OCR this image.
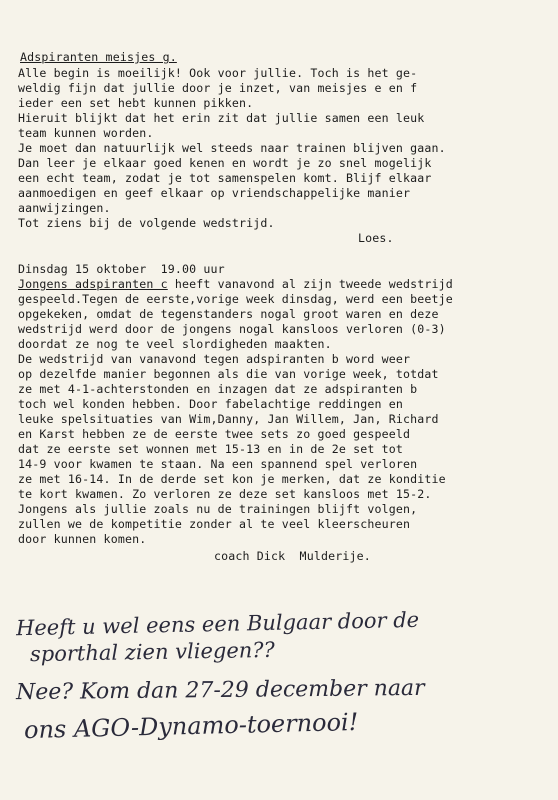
Adspiranten meisjes g.
Alle begin is moeilijk! Ook voor jullie. Toch is het ge-
weldig fijn dat jullie door je inzet, van meisjes e en f
ieder een set hebt kunnen pikken.
Hieruit blijkt dat het erin zit dat jullie samen een leuk
team kunnen worden.
Je moet dan natuurlijk wel steeds naar trainen blijven gaan.
Dan leer je elkaar goed kenen en wordt je zo snel mogelijk
een echt team, zodat je tot samenspelen komt. Blijf elkaar
aanmoedigen en geef elkaar op vriendschappelijke manier
aanwijzingen.
Tot ziens bij de volgende wedstrijd.
Loes.
Dinsdag 15 oktober  19.00 uur
Jongens adspiranten c heeft vanavond al zijn tweede wedstrijd
gespeeld.Tegen de eerste,vorige week dinsdag, werd een beetje
opgekeken, omdat de tegenstanders nogal groot waren en deze
wedstrijd werd door de jongens nogal kansloos verloren (0-3)
doordat ze nog te veel slordigheden maakten.
De wedstrijd van vanavond tegen adspiranten b word weer
op dezelfde manier begonnen als die van vorige week, totdat
ze met 4-1-achterstonden en inzagen dat ze adspiranten b
toch wel konden hebben. Door fabelachtige reddingen en
leuke spelsituaties van Wim,Danny, Jan Willem, Jan, Richard
en Karst hebben ze de eerste twee sets zo goed gespeeld
dat ze eerste set wonnen met 15-13 en in de 2e set tot
14-9 voor kwamen te staan. Na een spannend spel verloren
ze met 16-14. In de derde set kon je merken, dat ze konditie
te kort kwamen. Zo verloren ze deze set kansloos met 15-2.
Jongens als jullie zoals nu de trainingen blijft volgen,
zullen we de kompetitie zonder al te veel kleerscheuren
door kunnen komen.
coach Dick  Mulderije.
Heeft u wel eens een Bulgaar door de
sporthal zien vliegen??
Nee? Kom dan 27-29 december naar
ons AGO-Dynamo-toernooi!
